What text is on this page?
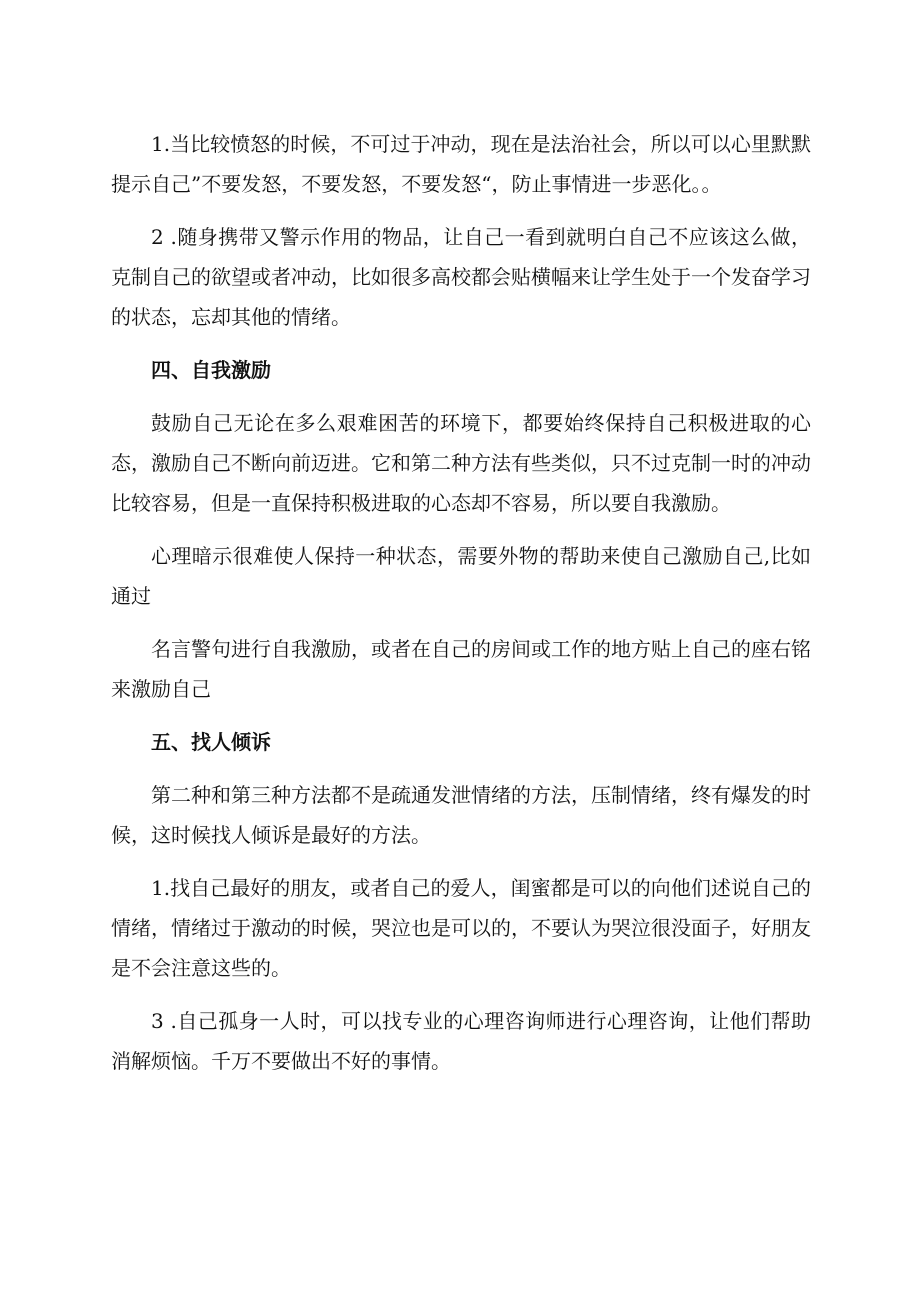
1.当比较愤怒的时候，不可过于冲动，现在是法治社会，所以可以心里默默提示自己”不要发怒，不要发怒，不要发怒“，防止事情进一步恶化。。

2 .随身携带又警示作用的物品，让自己一看到就明白自己不应该这么做，克制自己的欲望或者冲动，比如很多高校都会贴横幅来让学生处于一个发奋学习的状态，忘却其他的情绪。

四、自我激励

鼓励自己无论在多么艰难困苦的环境下，都要始终保持自己积极进取的心态，激励自己不断向前迈进。它和第二种方法有些类似，只不过克制一时的冲动比较容易，但是一直保持积极进取的心态却不容易，所以要自我激励。

心理暗示很难使人保持一种状态，需要外物的帮助来使自己激励自己,比如通过

名言警句进行自我激励，或者在自己的房间或工作的地方贴上自己的座右铭来激励自己

五、找人倾诉

第二种和第三种方法都不是疏通发泄情绪的方法，压制情绪，终有爆发的时候，这时候找人倾诉是最好的方法。

1.找自己最好的朋友，或者自己的爱人，闺蜜都是可以的向他们述说自己的情绪，情绪过于激动的时候，哭泣也是可以的，不要认为哭泣很没面子，好朋友是不会注意这些的。

3 .自己孤身一人时，可以找专业的心理咨询师进行心理咨询，让他们帮助消解烦恼。千万不要做出不好的事情。
